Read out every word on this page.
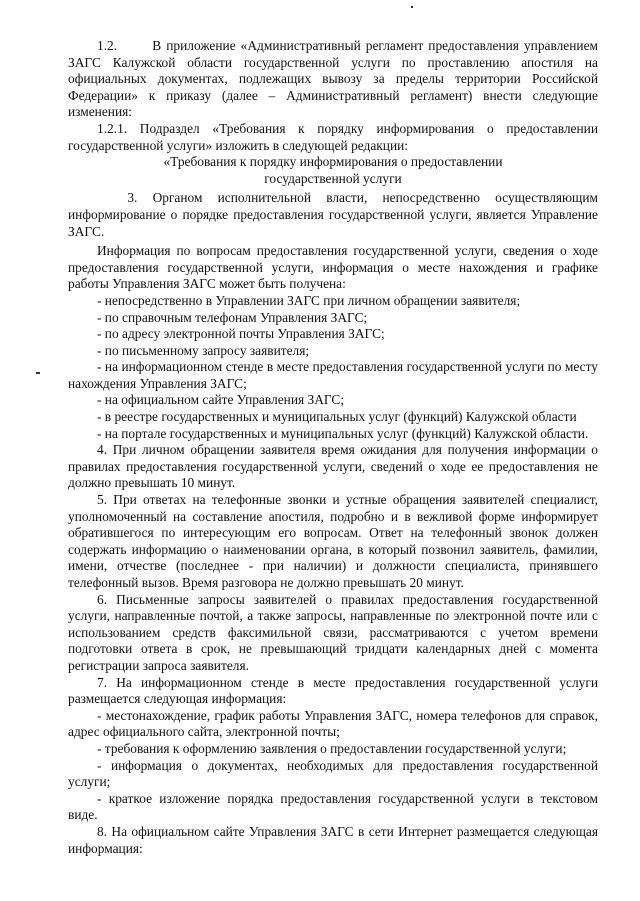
1.2.       В приложение «Административный регламент предоставления управлением ЗАГС Калужской области государственной услуги по проставлению апостиля на официальных документах, подлежащих вывозу за пределы территории Российской Федерации» к приказу (далее – Административный регламент) внести следующие изменения:

1.2.1. Подраздел «Требования к порядку информирования о предоставлении государственной услуги» изложить в следующей редакции:

«Требования к порядку информирования о предоставлении

государственной услуги

3. Органом исполнительной власти, непосредственно осуществляющим информирование о порядке предоставления государственной услуги, является Управление ЗАГС.

Информация по вопросам предоставления государственной услуги, сведения о ходе предоставления государственной услуги, информация о месте нахождения и графике работы Управления ЗАГС может быть получена:

- непосредственно в Управлении ЗАГС при личном обращении заявителя;

- по справочным телефонам Управления ЗАГС;

- по адресу электронной почты Управления ЗАГС;

- по письменному запросу заявителя;

- на информационном стенде в месте предоставления государственной услуги по месту нахождения Управления ЗАГС;

- на официальном сайте Управления ЗАГС;

- в реестре государственных и муниципальных услуг (функций) Калужской области

- на портале государственных и муниципальных услуг (функций) Калужской области.

4. При личном обращении заявителя время ожидания для получения информации о правилах предоставления государственной услуги, сведений о ходе ее предоставления не должно превышать 10 минут.

5. При ответах на телефонные звонки и устные обращения заявителей специалист, уполномоченный на составление апостиля, подробно и в вежливой форме информирует обратившегося по интересующим его вопросам. Ответ на телефонный звонок должен содержать информацию о наименовании органа, в который позвонил заявитель, фамилии, имени, отчестве (последнее - при наличии) и должности специалиста, принявшего телефонный вызов. Время разговора не должно превышать 20 минут.

6. Письменные запросы заявителей о правилах предоставления государственной услуги, направленные почтой, а также запросы, направленные по электронной почте или с использованием средств факсимильной связи, рассматриваются с учетом времени подготовки ответа в срок, не превышающий тридцати календарных дней с момента регистрации запроса заявителя.

7. На информационном стенде в месте предоставления государственной услуги размещается следующая информация:

- местонахождение, график работы Управления ЗАГС, номера телефонов для справок, адрес официального сайта, электронной почты;

- требования к оформлению заявления о предоставлении государственной услуги;

- информация о документах, необходимых для предоставления государственной услуги;

- краткое изложение порядка предоставления государственной услуги в текстовом виде.

8. На официальном сайте Управления ЗАГС в сети Интернет размещается следующая информация:
